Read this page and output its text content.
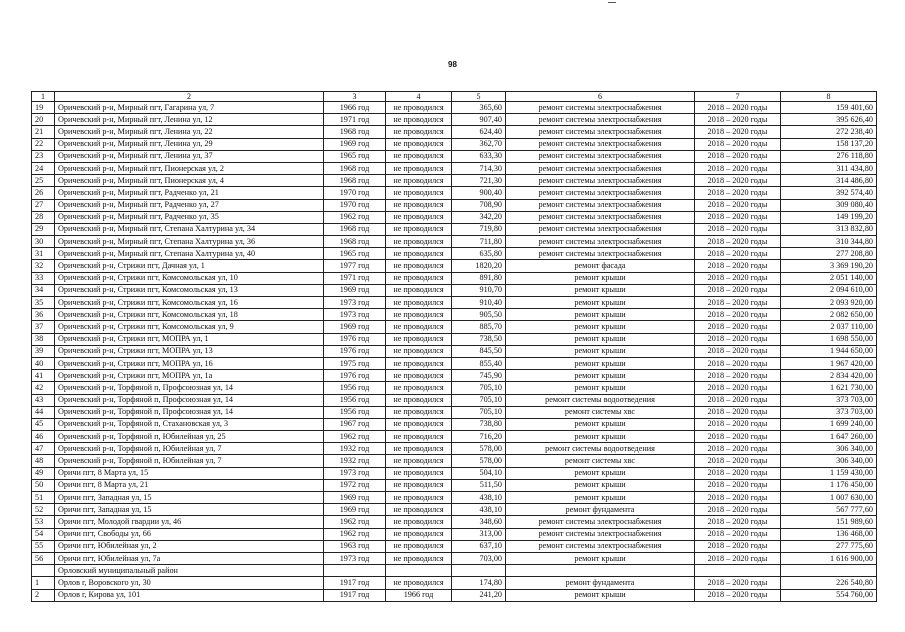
98
1	2	3	4	5	6	7	8
19	Оричевский р-н, Мирный пгт, Гагарина ул, 7	1966 год	не проводился	365,60	ремонт системы электроснабжения	2018 – 2020 годы	159 401,60
20	Оричевский р-н, Мирный пгт, Ленина ул, 12	1971 год	не проводился	907,40	ремонт системы электроснабжения	2018 – 2020 годы	395 626,40
21	Оричевский р-н, Мирный пгт, Ленина ул, 22	1968 год	не проводился	624,40	ремонт системы электроснабжения	2018 – 2020 годы	272 238,40
22	Оричевский р-н, Мирный пгт, Ленина ул, 29	1969 год	не проводился	362,70	ремонт системы электроснабжения	2018 – 2020 годы	158 137,20
23	Оричевский р-н, Мирный пгт, Ленина ул, 37	1965 год	не проводился	633,30	ремонт системы электроснабжения	2018 – 2020 годы	276 118,80
24	Оричевский р-н, Мирный пгт, Пионерская ул, 2	1968 год	не проводился	714,30	ремонт системы электроснабжения	2018 – 2020 годы	311 434,80
25	Оричевский р-н, Мирный пгт, Пионерская ул, 4	1968 год	не проводился	721,30	ремонт системы электроснабжения	2018 – 2020 годы	314 486,80
26	Оричевский р-н, Мирный пгт, Радченко ул, 21	1970 год	не проводился	900,40	ремонт системы электроснабжения	2018 – 2020 годы	392 574,40
27	Оричевский р-н, Мирный пгт, Радченко ул, 27	1970 год	не проводился	708,90	ремонт системы электроснабжения	2018 – 2020 годы	309 080,40
28	Оричевский р-н, Мирный пгт, Радченко ул, 35	1962 год	не проводился	342,20	ремонт системы электроснабжения	2018 – 2020 годы	149 199,20
29	Оричевский р-н, Мирный пгт, Степана Халтурина ул, 34	1968 год	не проводился	719,80	ремонт системы электроснабжения	2018 – 2020 годы	313 832,80
30	Оричевский р-н, Мирный пгт, Степана Халтурина ул, 36	1968 год	не проводился	711,80	ремонт системы электроснабжения	2018 – 2020 годы	310 344,80
31	Оричевский р-н, Мирный пгт, Степана Халтурина ул, 40	1965 год	не проводился	635,80	ремонт системы электроснабжения	2018 – 2020 годы	277 208,80
32	Оричевский р-н, Стрижи пгт, Дачная ул, 1	1977 год	не проводился	1820,20	ремонт фасада	2018 – 2020 годы	3 369 190,20
33	Оричевский р-н, Стрижи пгт, Комсомольская ул, 10	1971 год	не проводился	891,80	ремонт крыши	2018 – 2020 годы	2 051 140,00
34	Оричевский р-н, Стрижи пгт, Комсомольская ул, 13	1969 год	не проводился	910,70	ремонт крыши	2018 – 2020 годы	2 094 610,00
35	Оричевский р-н, Стрижи пгт, Комсомольская ул, 16	1973 год	не проводился	910,40	ремонт крыши	2018 – 2020 годы	2 093 920,00
36	Оричевский р-н, Стрижи пгт, Комсомольская ул, 18	1973 год	не проводился	905,50	ремонт крыши	2018 – 2020 годы	2 082 650,00
37	Оричевский р-н, Стрижи пгт, Комсомольская ул, 9	1969 год	не проводился	885,70	ремонт крыши	2018 – 2020 годы	2 037 110,00
38	Оричевский р-н, Стрижи пгт, МОПРА ул, 1	1976 год	не проводился	738,50	ремонт крыши	2018 – 2020 годы	1 698 550,00
39	Оричевский р-н, Стрижи пгт, МОПРА ул, 13	1976 год	не проводился	845,50	ремонт крыши	2018 – 2020 годы	1 944 650,00
40	Оричевский р-н, Стрижи пгт, МОПРА ул, 16	1975 год	не проводился	855,40	ремонт крыши	2018 – 2020 годы	1 967 420,00
41	Оричевский р-н, Стрижи пгт, МОПРА ул, 1а	1976 год	не проводился	745,90	ремонт крыши	2018 – 2020 годы	2 834 420,00
42	Оричевский р-н, Торфяной п, Профсоюзная ул, 14	1956 год	не проводился	705,10	ремонт крыши	2018 – 2020 годы	1 621 730,00
43	Оричевский р-н, Торфяной п, Профсоюзная ул, 14	1956 год	не проводился	705,10	ремонт системы водоотведения	2018 – 2020 годы	373 703,00
44	Оричевский р-н, Торфяной п, Профсоюзная ул, 14	1956 год	не проводился	705,10	ремонт системы хвс	2018 – 2020 годы	373 703,00
45	Оричевский р-н, Торфяной п, Стахановская ул, 3	1967 год	не проводился	738,80	ремонт крыши	2018 – 2020 годы	1 699 240,00
46	Оричевский р-н, Торфяной п, Юбилейная ул, 25	1962 год	не проводился	716,20	ремонт крыши	2018 – 2020 годы	1 647 260,00
47	Оричевский р-н, Торфяной п, Юбилейная ул, 7	1932 год	не проводился	578,00	ремонт системы водоотведения	2018 – 2020 годы	306 340,00
48	Оричевский р-н, Торфяной п, Юбилейная ул, 7	1932 год	не проводился	578,00	ремонт системы хвс	2018 – 2020 годы	306 340,00
49	Оричи пгт, 8 Марта ул, 15	1973 год	не проводился	504,10	ремонт крыши	2018 – 2020 годы	1 159 430,00
50	Оричи пгт, 8 Марта ул, 21	1972 год	не проводился	511,50	ремонт крыши	2018 – 2020 годы	1 176 450,00
51	Оричи пгт, Западная ул, 15	1969 год	не проводился	438,10	ремонт крыши	2018 – 2020 годы	1 007 630,00
52	Оричи пгт, Западная ул, 15	1969 год	не проводился	438,10	ремонт фундамента	2018 – 2020 годы	567 777,60
53	Оричи пгт, Молодой гвардии ул, 46	1962 год	не проводился	348,60	ремонт системы электроснабжения	2018 – 2020 годы	151 989,60
54	Оричи пгт, Свободы ул, 66	1962 год	не проводился	313,00	ремонт системы электроснабжения	2018 – 2020 годы	136 468,00
55	Оричи пгт, Юбилейная ул, 2	1963 год	не проводился	637,10	ремонт системы электроснабжения	2018 – 2020 годы	277 775,60
56	Оричи пгт, Юбилейная ул, 7а	1973 год	не проводился	703,00	ремонт крыши	2018 – 2020 годы	1 616 900,00
	Орловский муниципальный район						
1	Орлов г, Воровского ул, 30	1917 год	не проводился	174,80	ремонт фундамента	2018 – 2020 годы	226 540,80
2	Орлов г, Кирова ул, 101	1917 год	1966 год	241,20	ремонт крыши	2018 – 2020 годы	554 760,00
